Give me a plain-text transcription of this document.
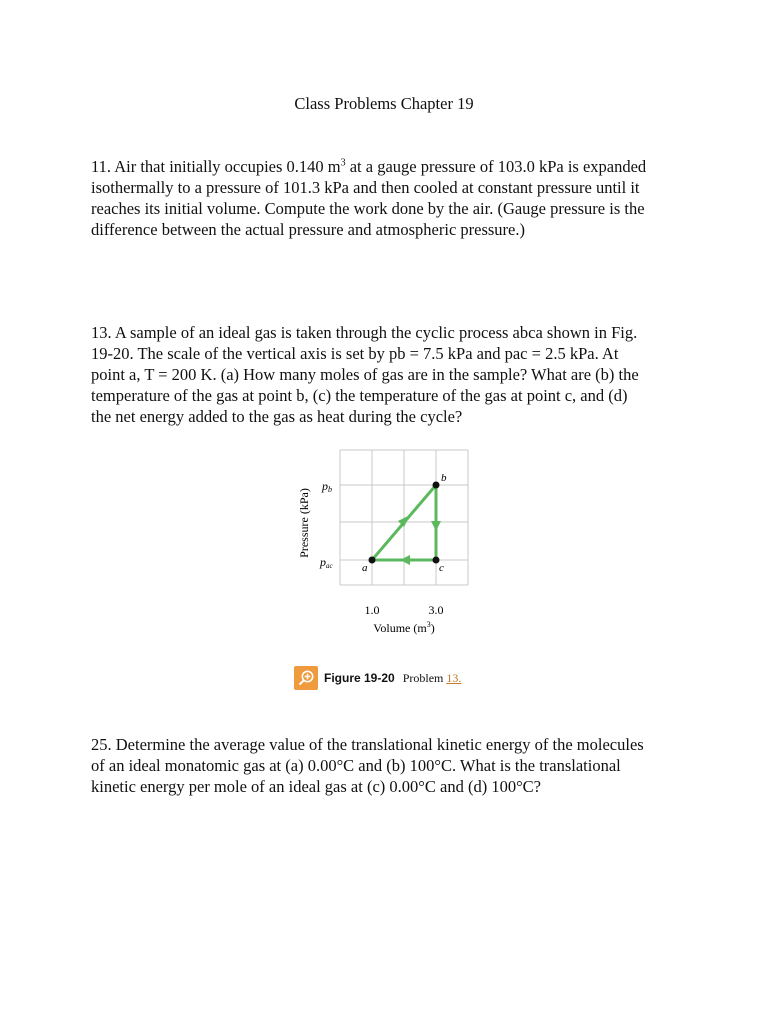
Class Problems Chapter 19
11. Air that initially occupies 0.140 $m^3$ at a gauge pressure of 103.0 kPa is expanded isothermally to a pressure of 101.3 kPa and then cooled at constant pressure until it reaches its initial volume. Compute the work done by the air. (Gauge pressure is the difference between the actual pressure and atmospheric pressure.)
13. A sample of an ideal gas is taken through the cyclic process abca shown in Fig. 19-20. The scale of the vertical axis is set by pb = 7.5 kPa and pac = 2.5 kPa. At point a, T = 200 K. (a) How many moles of gas are in the sample? What are (b) the temperature of the gas at point b, (c) the temperature of the gas at point c, and (d) the net energy added to the gas as heat during the cycle?
b
a	c
pb
pac
Pressure (kPa)
1.0	3.0
Volume $(m^3)$
Figure 19-20 Problem 13.
25. Determine the average value of the translational kinetic energy of the molecules of an ideal monatomic gas at (a) 0.00°C and (b) 100°C. What is the translational kinetic energy per mole of an ideal gas at (c) 0.00°C and (d) 100°C?
